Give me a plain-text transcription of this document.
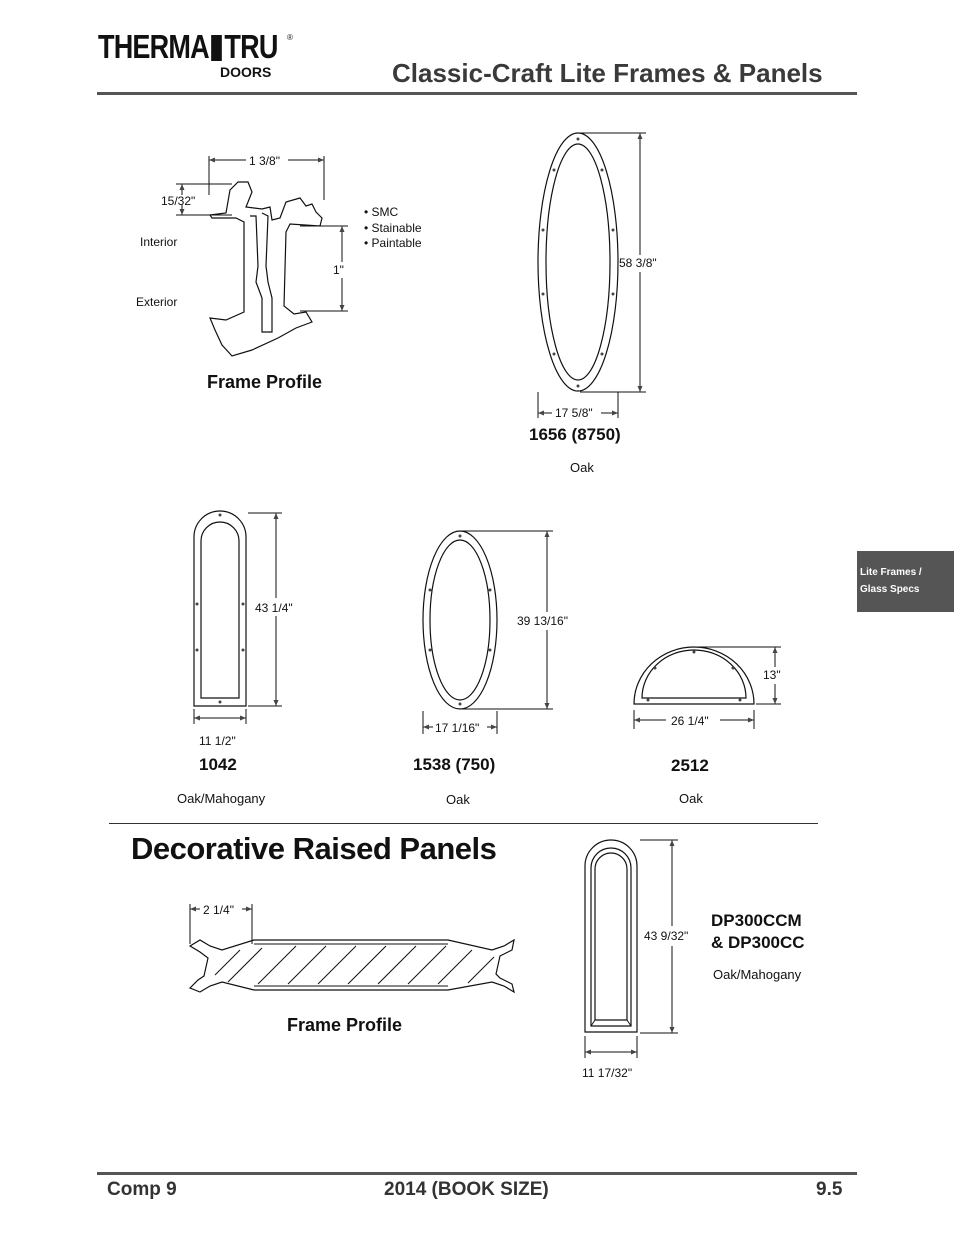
THERMA TRU ®
DOORS	Classic-Craft Lite Frames & Panels
Lite Frames /
Glass Specs
1 3/8"
15/32"
1"
Interior
Exterior
• SMC
• Stainable
• Paintable
Frame Profile
58 3/8"
17 5/8"
1656 (8750)
Oak
43 1/4"
11 1/2"
1042
Oak/Mahogany
39 13/16"
17 1/16"
1538 (750)
Oak
13"
26 1/4"
2512
Oak
Decorative Raised Panels
2 1/4"
Frame Profile
43 9/32"
11 17/32"
DP300CCM
& DP300CC
Oak/Mahogany
Comp 9	2014 (BOOK SIZE)	9.5
